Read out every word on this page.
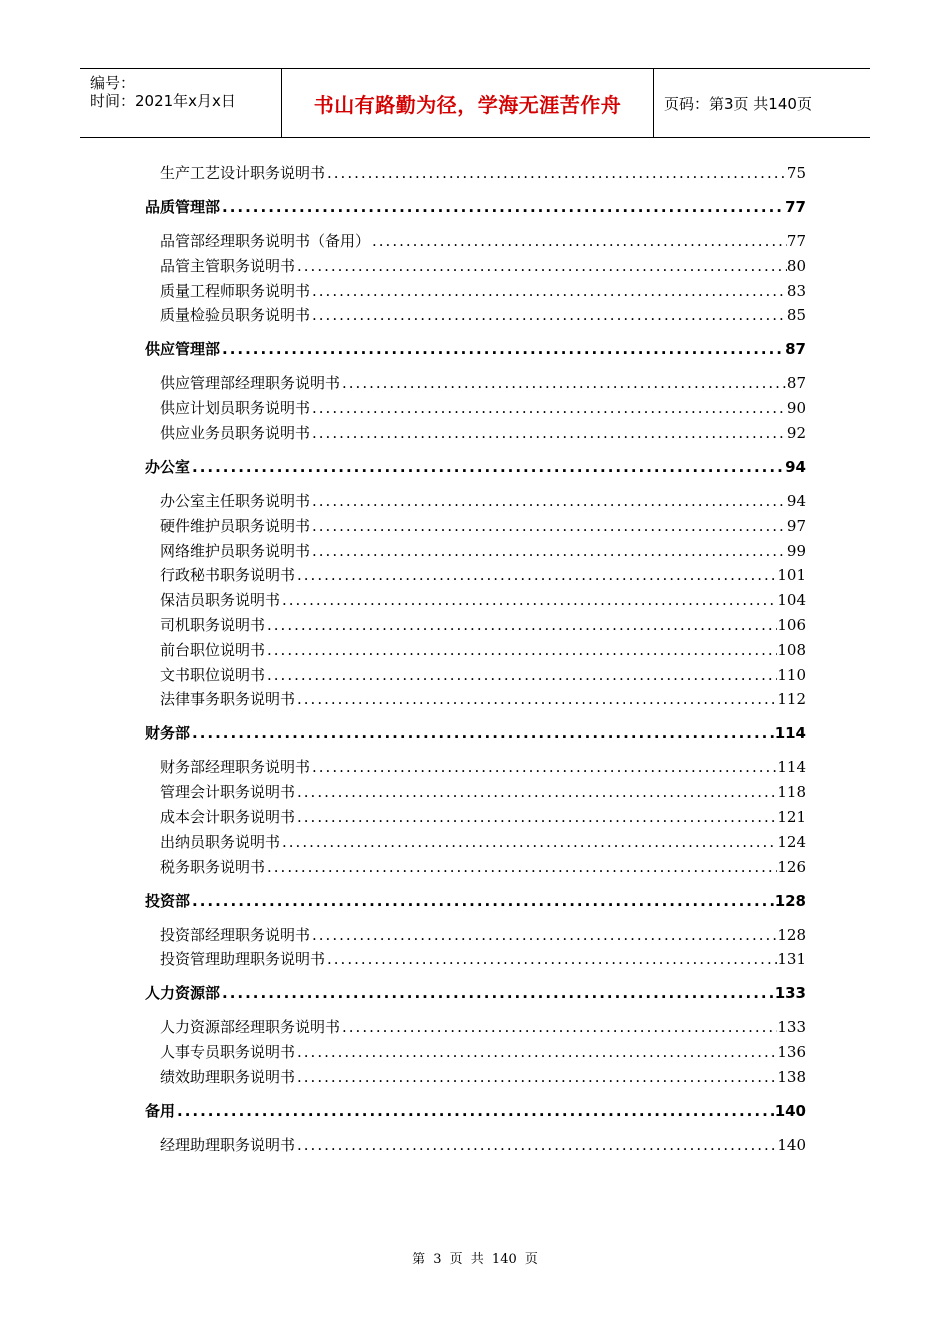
编号：
时间：2021年x月x日	书山有路勤为径，学海无涯苦作舟	页码：第3页 共140页
生产工艺设计职务说明书 .....	75
品质管理部 .....	77
品管部经理职务说明书（备用） .....	77
品管主管职务说明书 .....	80
质量工程师职务说明书 .....	83
质量检验员职务说明书 .....	85
供应管理部 .....	87
供应管理部经理职务说明书 .....	87
供应计划员职务说明书 .....	90
供应业务员职务说明书 .....	92
办公室 .....	94
办公室主任职务说明书 .....	94
硬件维护员职务说明书 .....	97
网络维护员职务说明书 .....	99
行政秘书职务说明书 .....	101
保洁员职务说明书 .....	104
司机职务说明书 .....	106
前台职位说明书 .....	108
文书职位说明书 .....	110
法律事务职务说明书 .....	112
财务部 .....	114
财务部经理职务说明书 .....	114
管理会计职务说明书 .....	118
成本会计职务说明书 .....	121
出纳员职务说明书 .....	124
税务职务说明书 .....	126
投资部 .....	128
投资部经理职务说明书 .....	128
投资管理助理职务说明书 .....	131
人力资源部 .....	133
人力资源部经理职务说明书 .....	133
人事专员职务说明书 .....	136
绩效助理职务说明书 .....	138
备用 .....	140
经理助理职务说明书 .....	140
第 3 页 共 140 页
